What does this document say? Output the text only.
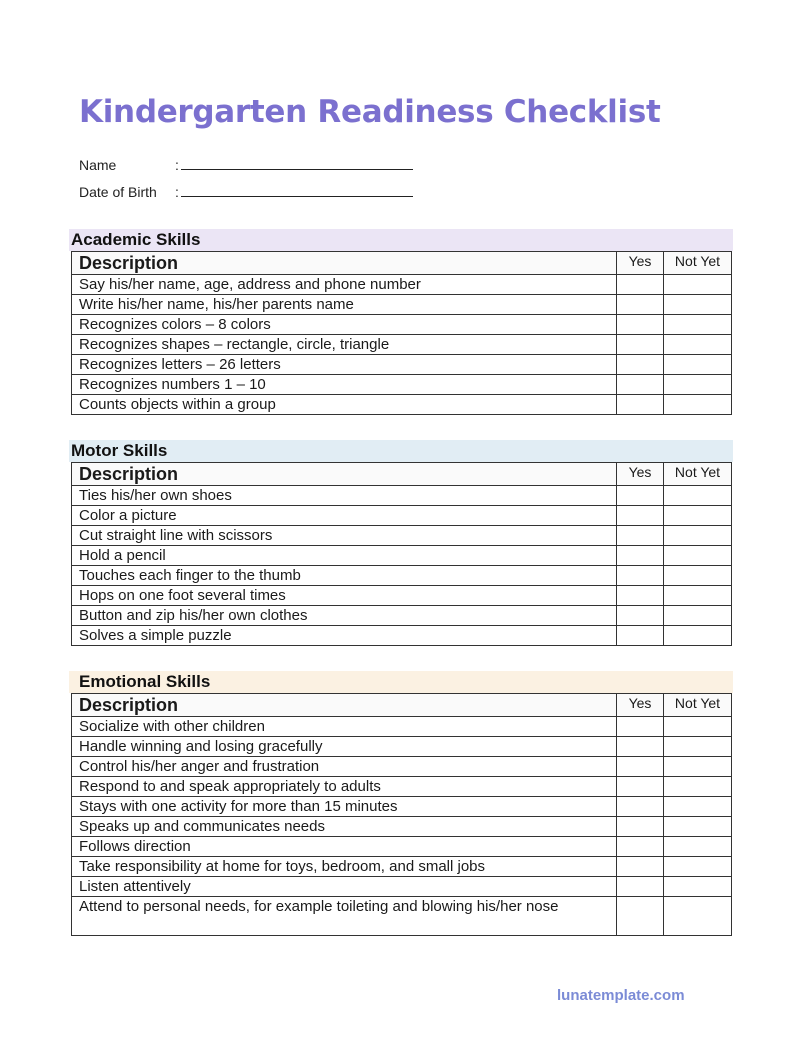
Kindergarten Readiness Checklist
Name	:
Date of Birth :
Academic Skills
Description	Yes	Not Yet
Say his/her name, age, address and phone number		
Write his/her name, his/her parents name		
Recognizes colors – 8 colors		
Recognizes shapes – rectangle, circle, triangle		
Recognizes letters – 26 letters		
Recognizes numbers 1 – 10		
Counts objects within a group		
Motor Skills
Description	Yes	Not Yet
Ties his/her own shoes		
Color a picture		
Cut straight line with scissors		
Hold a pencil		
Touches each finger to the thumb		
Hops on one foot several times		
Button and zip his/her own clothes		
Solves a simple puzzle		
Emotional Skills
Description	Yes	Not Yet
Socialize with other children		
Handle winning and losing gracefully		
Control his/her anger and frustration		
Respond to and speak appropriately to adults		
Stays with one activity for more than 15 minutes		
Speaks up and communicates needs		
Follows direction		
Take responsibility at home for toys, bedroom, and small jobs		
Listen attentively		
Attend to personal needs, for example toileting and blowing his/her nose		
lunatemplate.com
